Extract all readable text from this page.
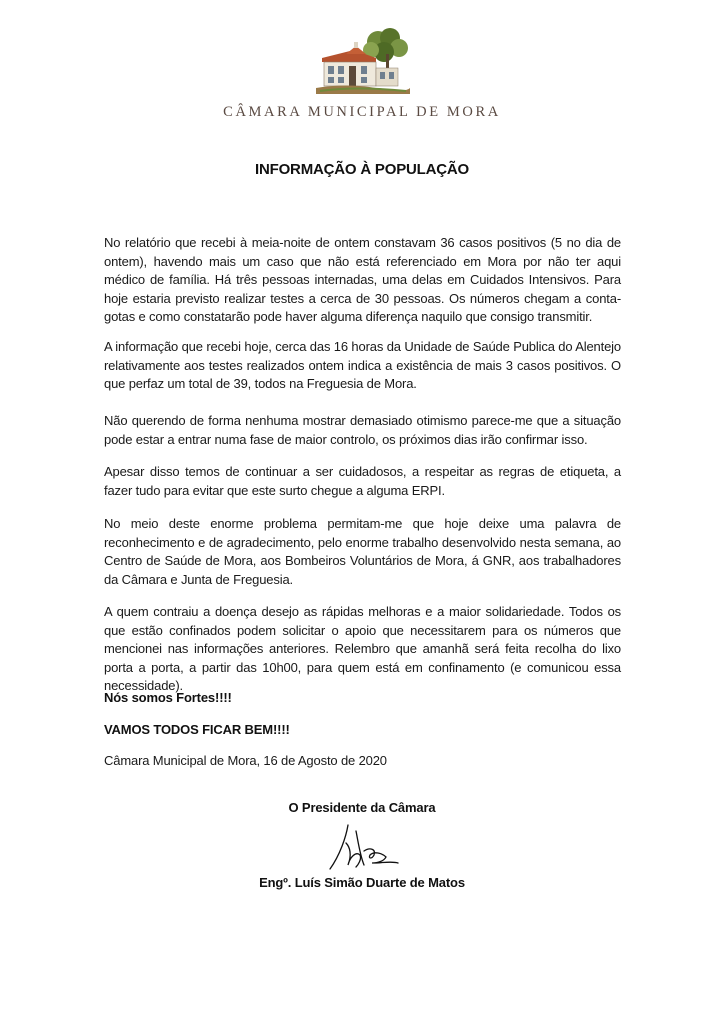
CÂMARA MUNICIPAL DE MORA
INFORMAÇÃO À POPULAÇÃO

No relatório que recebi à meia-noite de ontem constavam 36 casos positivos (5 no dia de ontem), havendo mais um caso que não está referenciado em Mora por não ter aqui médico de família. Há três pessoas internadas, uma delas em Cuidados Intensivos. Para hoje estaria previsto realizar testes a cerca de 30 pessoas. Os números chegam a conta-gotas e como constatarão pode haver alguma diferença naquilo que consigo transmitir.

A informação que recebi hoje, cerca das 16 horas da Unidade de Saúde Publica do Alentejo relativamente aos testes realizados ontem indica a existência de mais 3 casos positivos. O que perfaz um total de 39, todos na Freguesia de Mora.

Não querendo de forma nenhuma mostrar demasiado otimismo parece-me que a situação pode estar a entrar numa fase de maior controlo, os próximos dias irão confirmar isso.

Apesar disso temos de continuar a ser cuidadosos, a respeitar as regras de etiqueta, a fazer tudo para evitar que este surto chegue a alguma ERPI.

No meio deste enorme problema permitam-me que hoje deixe uma palavra de reconhecimento e de agradecimento, pelo enorme trabalho desenvolvido nesta semana, ao Centro de Saúde de Mora, aos Bombeiros Voluntários de Mora, á GNR, aos trabalhadores da Câmara e Junta de Freguesia.

A quem contraiu a doença desejo as rápidas melhoras e a maior solidariedade. Todos os que estão confinados podem solicitar o apoio que necessitarem para os números que mencionei nas informações anteriores. Relembro que amanhã será feita recolha do lixo porta a porta, a partir das 10h00, para quem está em confinamento (e comunicou essa necessidade).

Nós somos Fortes!!!!

VAMOS TODOS FICAR BEM!!!!

Câmara Municipal de Mora, 16 de Agosto de 2020

O Presidente da Câmara

Engº. Luís Simão Duarte de Matos
